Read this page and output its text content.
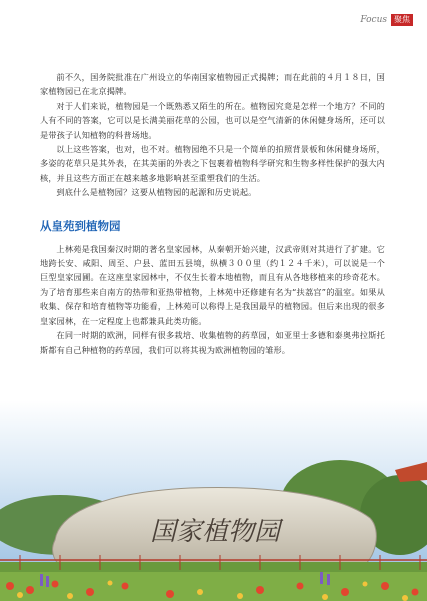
Focus 聚焦

前不久，国务院批准在广州设立的华南国家植物园正式揭牌；而在此前的４月１８日，国家植物园已在北京揭牌。

对于人们来说，植物园是一个既熟悉又陌生的所在。植物园究竟是怎样一个地方？不同的人有不同的答案，它可以是长满美丽花草的公园，也可以是空气清新的休闲健身场所，还可以是带孩子认知植物的科普场地。

以上这些答案，也对，也不对。植物园绝不只是一个简单的拍照背景板和休闲健身场所，多姿的花草只是其外表，在其美丽的外表之下包裹着植物科学研究和生物多样性保护的强大内核，并且这些方面正在越来越多地影响甚至重塑我们的生活。

到底什么是植物园？这要从植物园的起源和历史说起。

从皇苑到植物园

上林苑是我国秦汉时期的著名皇家园林，从秦朝开始兴建，汉武帝则对其进行了扩建。它地跨长安、咸阳、周至、户县、蓝田五县境，纵横３００里（约１２４千米），可以说是一个巨型皇家园圃。在这座皇家园林中，不仅生长着本地植物，而且有从各地移植来的珍奇花木。为了培育那些来自南方的热带和亚热带植物，上林苑中还修建有名为“扶荔宫”的温室。如果从收集、保存和培育植物等功能看，上林苑可以称得上是我国最早的植物园。但后来出现的很多皇家园林，在一定程度上也都兼具此类功能。

在同一时期的欧洲，同样有很多栽培、收集植物的药草园，如亚里士多德和泰奥弗拉斯托斯都有自己种植物的药草园，我们可以将其视为欧洲植物园的雏形。

国家植物园
